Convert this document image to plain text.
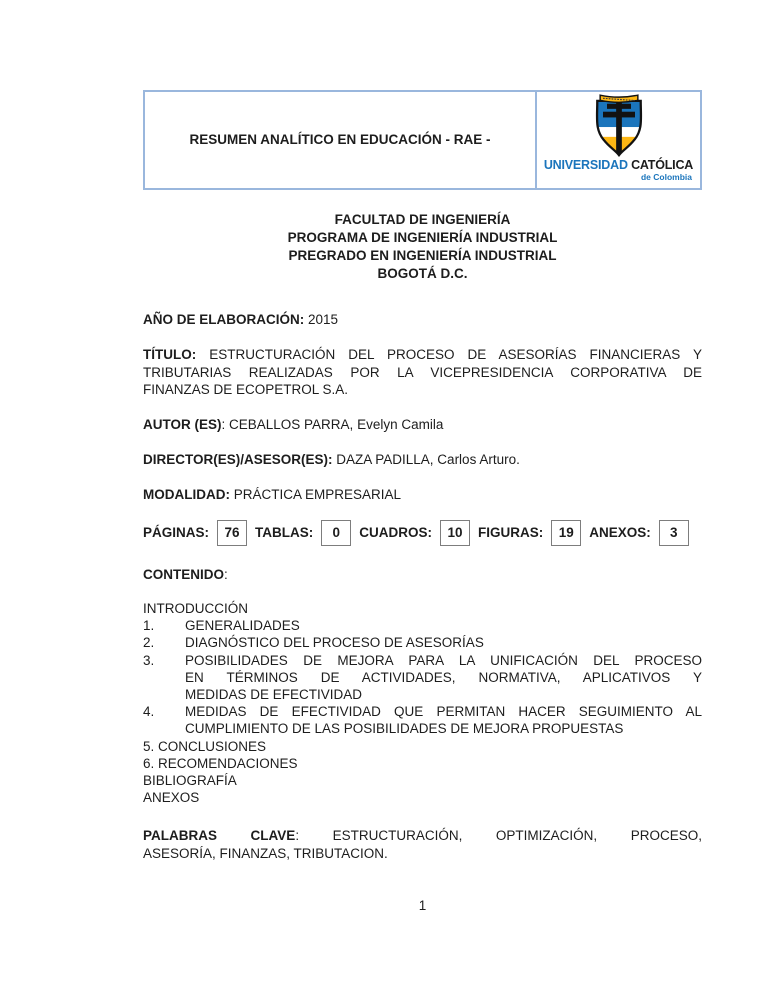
RESUMEN ANALÍTICO EN EDUCACIÓN - RAE -
UNIVERSIDAD CATÓLICA
de Colombia
FACULTAD DE INGENIERÍA
PROGRAMA DE INGENIERÍA INDUSTRIAL
PREGRADO EN INGENIERÍA INDUSTRIAL
BOGOTÁ D.C.
AÑO DE ELABORACIÓN: 2015
TÍTULO: ESTRUCTURACIÓN DEL PROCESO DE ASESORÍAS FINANCIERAS Y
TRIBUTARIAS REALIZADAS POR LA VICEPRESIDENCIA CORPORATIVA DE
FINANZAS DE ECOPETROL S.A.
AUTOR (ES): CEBALLOS PARRA, Evelyn Camila
DIRECTOR(ES)/ASESOR(ES): DAZA PADILLA, Carlos Arturo.
MODALIDAD: PRÁCTICA EMPRESARIAL
PÁGINAS:	76	TABLAS:	0	CUADROS:	10	FIGURAS:	19	ANEXOS:	3
CONTENIDO:
INTRODUCCIÓN
1.	GENERALIDADES
2.	DIAGNÓSTICO DEL PROCESO DE ASESORÍAS
3.	POSIBILIDADES DE MEJORA PARA LA UNIFICACIÓN DEL PROCESO
EN TÉRMINOS DE ACTIVIDADES, NORMATIVA, APLICATIVOS Y
MEDIDAS DE EFECTIVIDAD
4.	MEDIDAS DE EFECTIVIDAD QUE PERMITAN HACER SEGUIMIENTO AL
CUMPLIMIENTO DE LAS POSIBILIDADES DE MEJORA PROPUESTAS
5. CONCLUSIONES
6. RECOMENDACIONES
BIBLIOGRAFÍA
ANEXOS
PALABRAS CLAVE: ESTRUCTURACIÓN, OPTIMIZACIÓN, PROCESO,
ASESORÍA, FINANZAS, TRIBUTACION.
1
